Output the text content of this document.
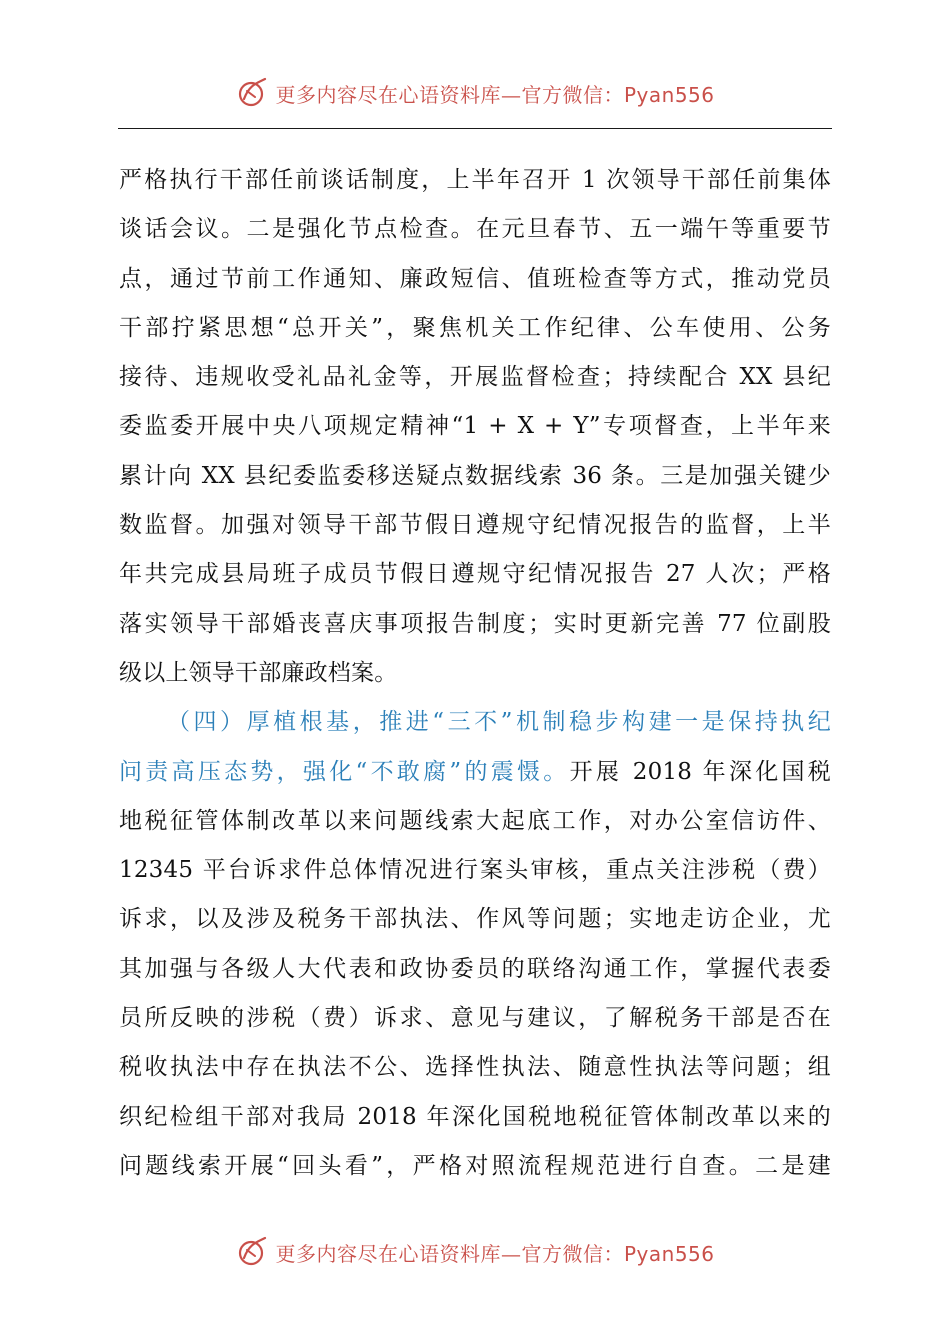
更多内容尽在心语资料库—官方微信：Pyan556
严格执行干部任前谈话制度，上半年召开 1 次领导干部任前集体
谈话会议。二是强化节点检查。在元旦春节、五一端午等重要节
点，通过节前工作通知、廉政短信、值班检查等方式，推动党员
干部拧紧思想“总开关”，聚焦机关工作纪律、公车使用、公务
接待、违规收受礼品礼金等，开展监督检查；持续配合 XX 县纪
委监委开展中央八项规定精神“1 + X + Y”专项督查，上半年来
累计向 XX 县纪委监委移送疑点数据线索 36 条。三是加强关键少
数监督。加强对领导干部节假日遵规守纪情况报告的监督，上半
年共完成县局班子成员节假日遵规守纪情况报告 27 人次；严格
落实领导干部婚丧喜庆事项报告制度；实时更新完善 77 位副股
级以上领导干部廉政档案。
（四）厚植根基，推进“三不”机制稳步构建一是保持执纪
问责高压态势，强化“不敢腐”的震慑。开展 2018 年深化国税
地税征管体制改革以来问题线索大起底工作，对办公室信访件、
12345 平台诉求件总体情况进行案头审核，重点关注涉税（费）
诉求，以及涉及税务干部执法、作风等问题；实地走访企业，尤
其加强与各级人大代表和政协委员的联络沟通工作，掌握代表委
员所反映的涉税（费）诉求、意见与建议，了解税务干部是否在
税收执法中存在执法不公、选择性执法、随意性执法等问题；组
织纪检组干部对我局 2018 年深化国税地税征管体制改革以来的
问题线索开展“回头看”，严格对照流程规范进行自查。二是建
更多内容尽在心语资料库—官方微信：Pyan556
